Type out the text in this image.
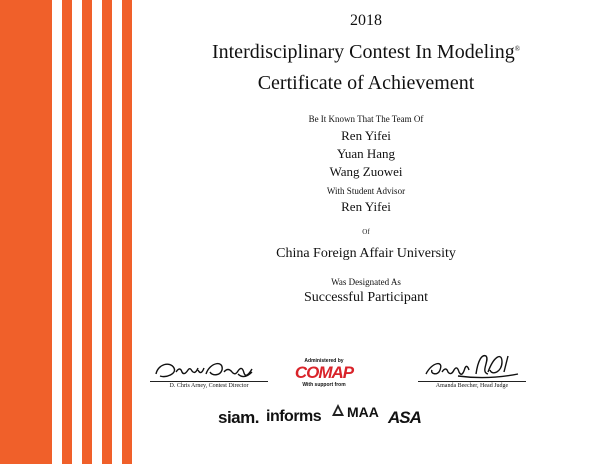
2018
Interdisciplinary Contest In Modeling®
Certificate of Achievement
Be It Known That The Team Of
Ren Yifei
Yuan Hang
Wang Zuowei
With Student Advisor
Ren Yifei
Of
China Foreign Affair University
Was Designated As
Successful Participant
D. Chris Arney, Contest Director
Administered by
COMAP
With support from	Amanda Beecher, Head Judge
siam. informs MAA ASA
